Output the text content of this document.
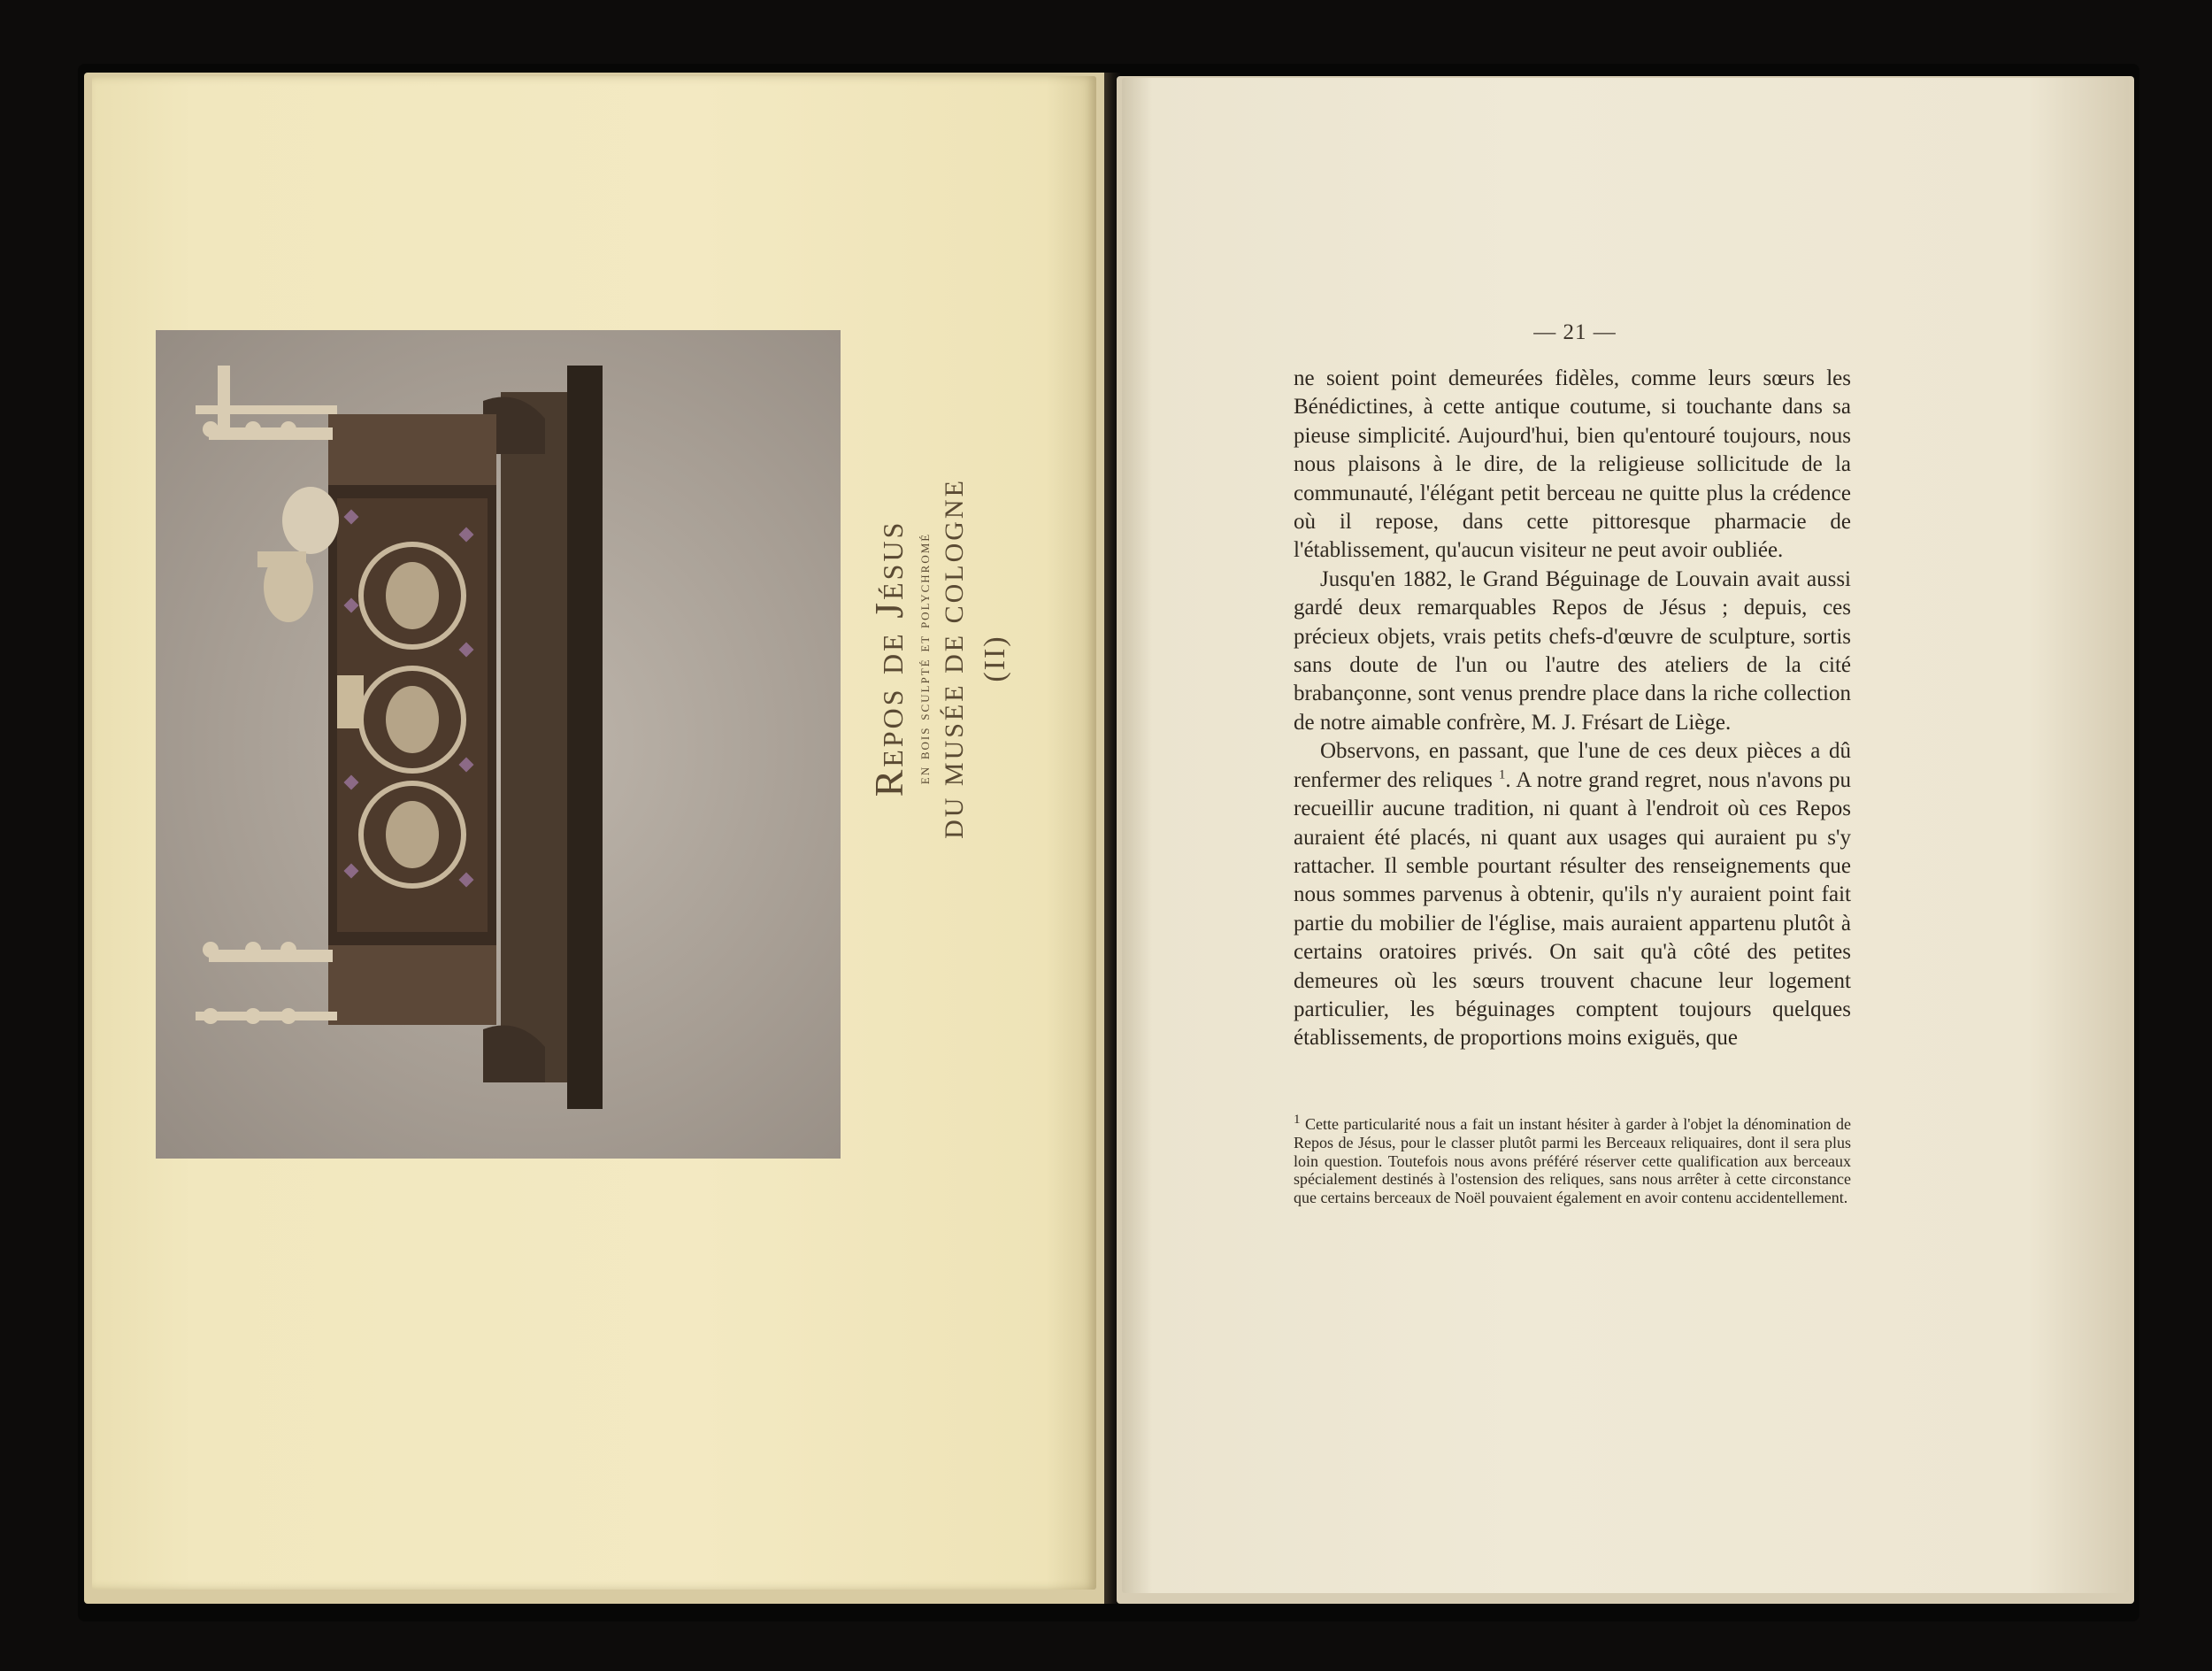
Repos de Jésus en bois sculpté et polychromé DU MUSÉE DE COLOGNE (II)
— 21 —

ne soient point demeurées fidèles, comme leurs sœurs les Bénédictines, à cette antique coutume, si touchante dans sa pieuse simplicité. Aujourd'hui, bien qu'entouré toujours, nous nous plaisons à le dire, de la religieuse sollicitude de la communauté, l'élégant petit berceau ne quitte plus la crédence où il repose, dans cette pittoresque pharmacie de l'établissement, qu'aucun visiteur ne peut avoir oubliée.

Jusqu'en 1882, le Grand Béguinage de Louvain avait aussi gardé deux remarquables Repos de Jésus ; depuis, ces précieux objets, vrais petits chefs-d'œuvre de sculpture, sortis sans doute de l'un ou l'autre des ateliers de la cité brabançonne, sont venus prendre place dans la riche collection de notre aimable confrère, M. J. Frésart de Liège.

Observons, en passant, que l'une de ces deux pièces a dû renfermer des reliques $^1$. A notre grand regret, nous n'avons pu recueillir aucune tradition, ni quant à l'endroit où ces Repos auraient été placés, ni quant aux usages qui auraient pu s'y rattacher. Il semble pourtant résulter des renseignements que nous sommes parvenus à obtenir, qu'ils n'y auraient point fait partie du mobilier de l'église, mais auraient appartenu plutôt à certains oratoires privés. On sait qu'à côté des petites demeures où les sœurs trouvent chacune leur logement particulier, les béguinages comptent toujours quelques établissements, de proportions moins exiguës, que

$^1$ Cette particularité nous a fait un instant hésiter à garder à l'objet la dénomination de Repos de Jésus, pour le classer plutôt parmi les Berceaux reliquaires, dont il sera plus loin question. Toutefois nous avons préféré réserver cette qualification aux berceaux spécialement destinés à l'ostension des reliques, sans nous arrêter à cette circonstance que certains berceaux de Noël pouvaient également en avoir contenu accidentellement.
